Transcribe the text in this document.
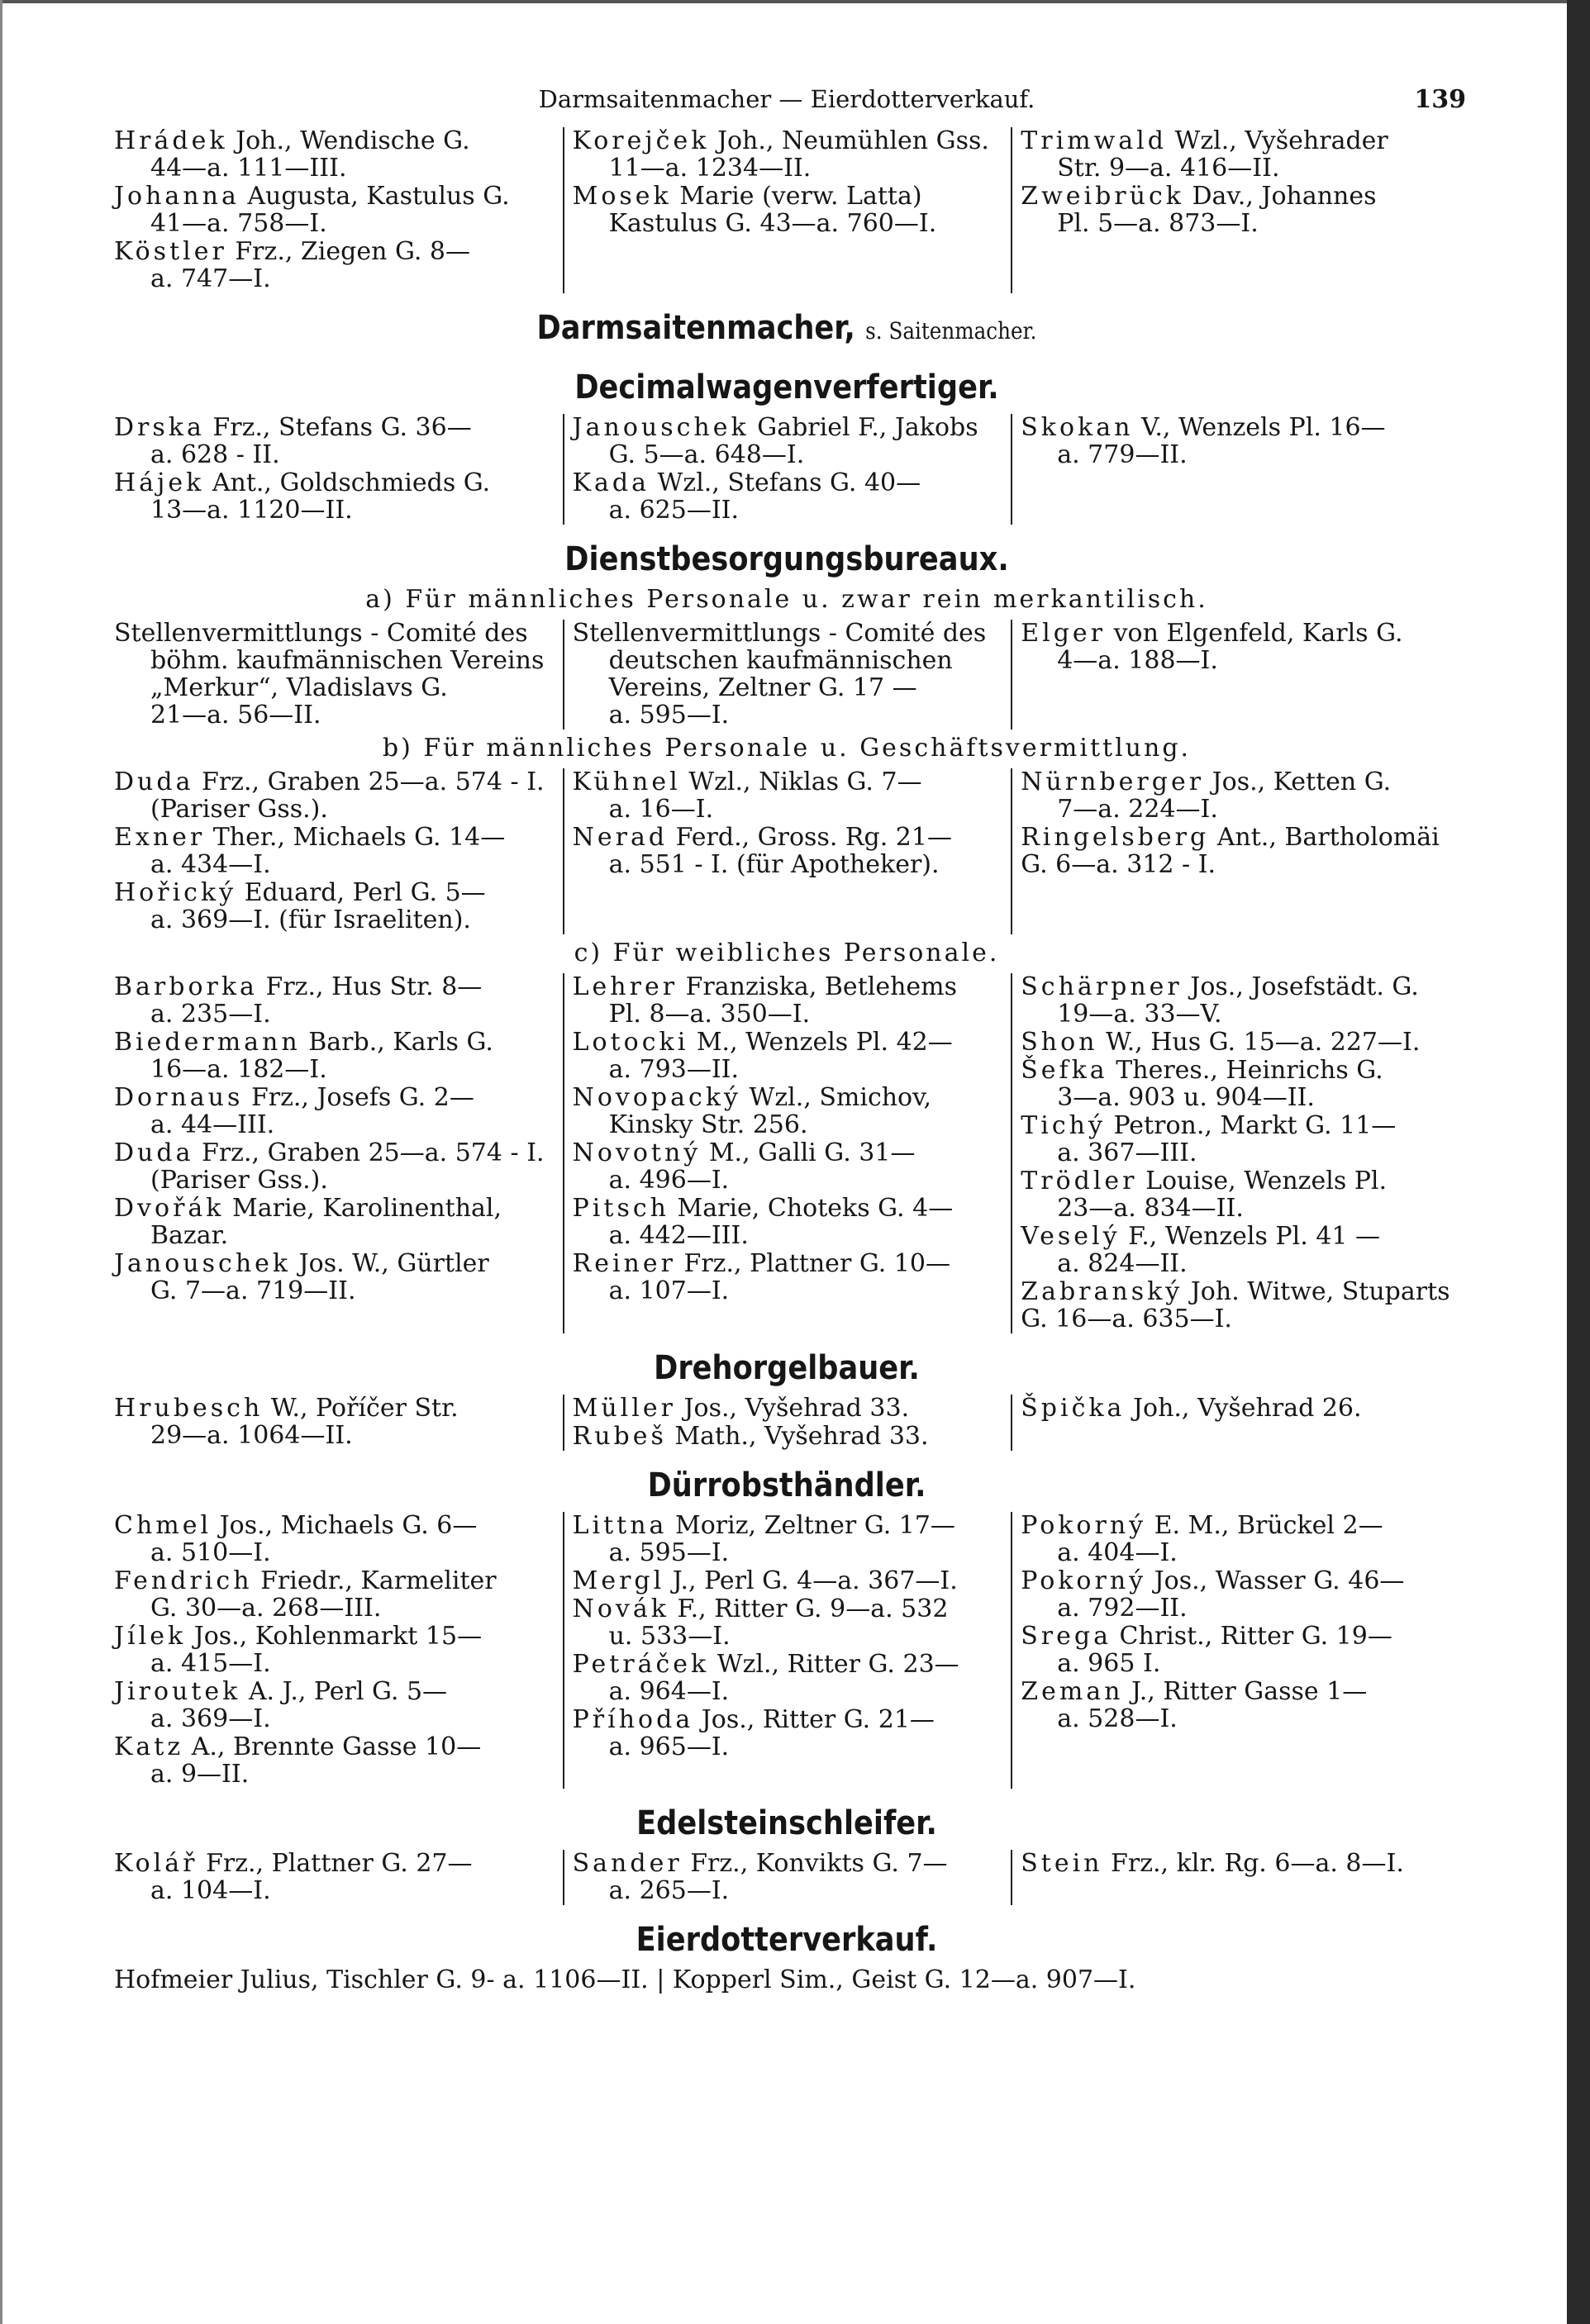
Darmsaitenmacher — Eierdotterverkauf.	139

Hrádek Joh., Wendische G.

44—a. 111—III.

Johanna Augusta, Kastulus G.

41—a. 758—I.

Köstler Frz., Ziegen G. 8—

a. 747—I.

Korejček Joh., Neumühlen Gss.

11—a. 1234—II.

Mosek Marie (verw. Latta)

Kastulus G. 43—a. 760—I.

Trimwald Wzl., Vyšehrader

Str. 9—a. 416—II.

Zweibrück Dav., Johannes

Pl. 5—a. 873—I.

Darmsaitenmacher, s. Saitenmacher.
Decimalwagenverfertiger.

Drska Frz., Stefans G. 36—

a. 628 - II.

Hájek Ant., Goldschmieds G.

13—a. 1120—II.

Janouschek Gabriel F., Jakobs

G. 5—a. 648—I.

Kada Wzl., Stefans G. 40—

a. 625—II.

Skokan V., Wenzels Pl. 16—

a. 779—II.

Dienstbesorgungsbureaux.
a) Für männliches Personale u. zwar rein merkantilisch.

Stellenvermittlungs - Comité des

böhm. kaufmännischen Vereins „Merkur“, Vladislavs G.

21—a. 56—II.

Stellenvermittlungs - Comité des

deutschen kaufmännischen

Vereins, Zeltner G. 17 —

a. 595—I.

Elger von Elgenfeld, Karls G.

4—a. 188—I.

b) Für männliches Personale u. Geschäftsvermittlung.

Duda Frz., Graben 25—a. 574 - I.

(Pariser Gss.).

Exner Ther., Michaels G. 14—

a. 434—I.

Hořický Eduard, Perl G. 5—

a. 369—I. (für Israeliten).

Kühnel Wzl., Niklas G. 7—

a. 16—I.

Nerad Ferd., Gross. Rg. 21—

a. 551 - I. (für Apotheker).

Nürnberger Jos., Ketten G.

7—a. 224—I.

Ringelsberg Ant., Bartholomäi G. 6—a. 312 - I.

c) Für weibliches Personale.

Barborka Frz., Hus Str. 8—

a. 235—I.

Biedermann Barb., Karls G.

16—a. 182—I.

Dornaus Frz., Josefs G. 2—

a. 44—III.

Duda Frz., Graben 25—a. 574 - I.

(Pariser Gss.).

Dvořák Marie, Karolinenthal,

Bazar.

Janouschek Jos. W., Gürtler

G. 7—a. 719—II.

Lehrer Franziska, Betlehems

Pl. 8—a. 350—I.

Lotocki M., Wenzels Pl. 42—

a. 793—II.

Novopacký Wzl., Smichov,

Kinsky Str. 256.

Novotný M., Galli G. 31—

a. 496—I.

Pitsch Marie, Choteks G. 4—

a. 442—III.

Reiner Frz., Plattner G. 10—

a. 107—I.

Schärpner Jos., Josefstädt. G.

19—a. 33—V.

Shon W., Hus G. 15—a. 227—I.

Šefka Theres., Heinrichs G.

3—a. 903 u. 904—II.

Tichý Petron., Markt G. 11—

a. 367—III.

Trödler Louise, Wenzels Pl.

23—a. 834—II.

Veselý F., Wenzels Pl. 41 —

a. 824—II.

Zabranský Joh. Witwe, Stuparts G. 16—a. 635—I.

Drehorgelbauer.

Hrubesch W., Poříčer Str.

29—a. 1064—II.

Müller Jos., Vyšehrad 33.

Rubeš Math., Vyšehrad 33.

Špička Joh., Vyšehrad 26.

Dürrobsthändler.

Chmel Jos., Michaels G. 6—

a. 510—I.

Fendrich Friedr., Karmeliter

G. 30—a. 268—III.

Jílek Jos., Kohlenmarkt 15—

a. 415—I.

Jiroutek A. J., Perl G. 5—

a. 369—I.

Katz A., Brennte Gasse 10—

a. 9—II.

Littna Moriz, Zeltner G. 17—

a. 595—I.

Mergl J., Perl G. 4—a. 367—I.

Novák F., Ritter G. 9—a. 532

u. 533—I.

Petráček Wzl., Ritter G. 23—

a. 964—I.

Příhoda Jos., Ritter G. 21—

a. 965—I.

Pokorný E. M., Brückel 2—

a. 404—I.

Pokorný Jos., Wasser G. 46—

a. 792—II.

Srega Christ., Ritter G. 19—

a. 965 I.

Zeman J., Ritter Gasse 1—

a. 528—I.

Edelsteinschleifer.

Kolář Frz., Plattner G. 27—

a. 104—I.

Sander Frz., Konvikts G. 7—

a. 265—I.

Stein Frz., klr. Rg. 6—a. 8—I.

Eierdotterverkauf.
Hofmeier Julius, Tischler G. 9- a. 1106—II. | Kopperl Sim., Geist G. 12—a. 907—I.
